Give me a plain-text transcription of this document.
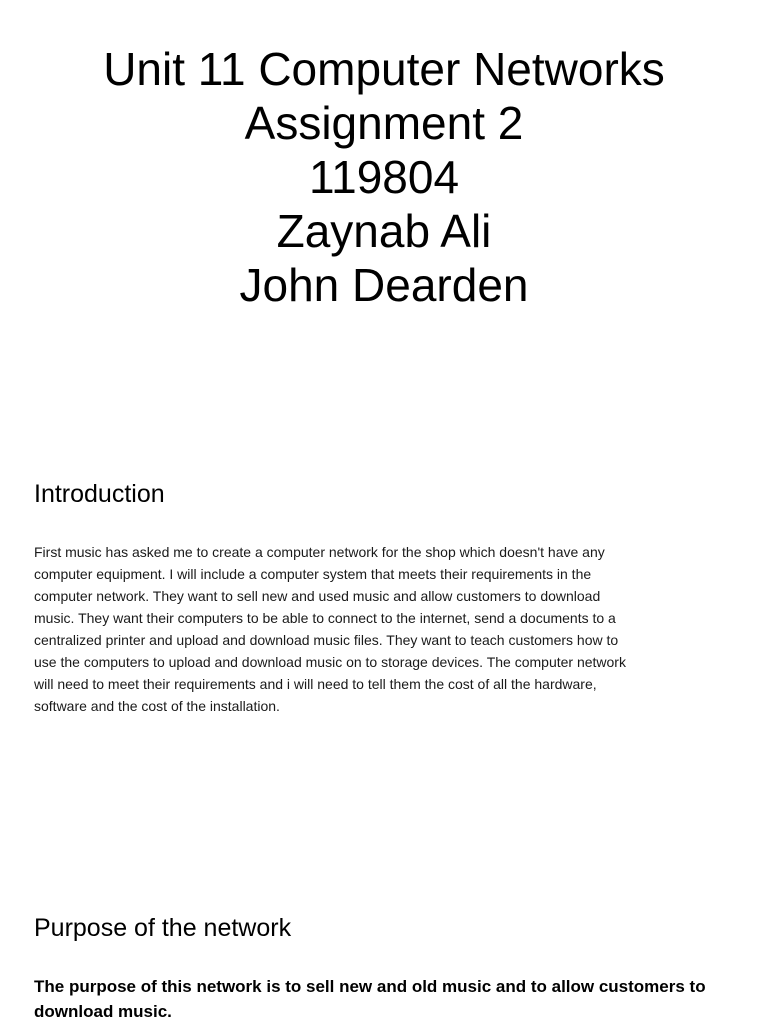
Unit 11 Computer Networks
Assignment 2
119804
Zaynab Ali
John Dearden
Introduction
First music has asked me to create a computer network for the shop which doesn't have any
computer equipment. I will include a computer system that meets their requirements in the
computer network. They want to sell new and used music and allow customers to download
music. They want their computers to be able to connect to the internet, send a documents to a
centralized printer and upload and download music files. They want to teach customers how to
use the computers to upload and download music on to storage devices. The computer network
will need to meet their requirements and i will need to tell them the cost of all the hardware,
software and the cost of the installation.
Purpose of the network
The purpose of this network is to sell new and old music and to allow customers to
download music.
